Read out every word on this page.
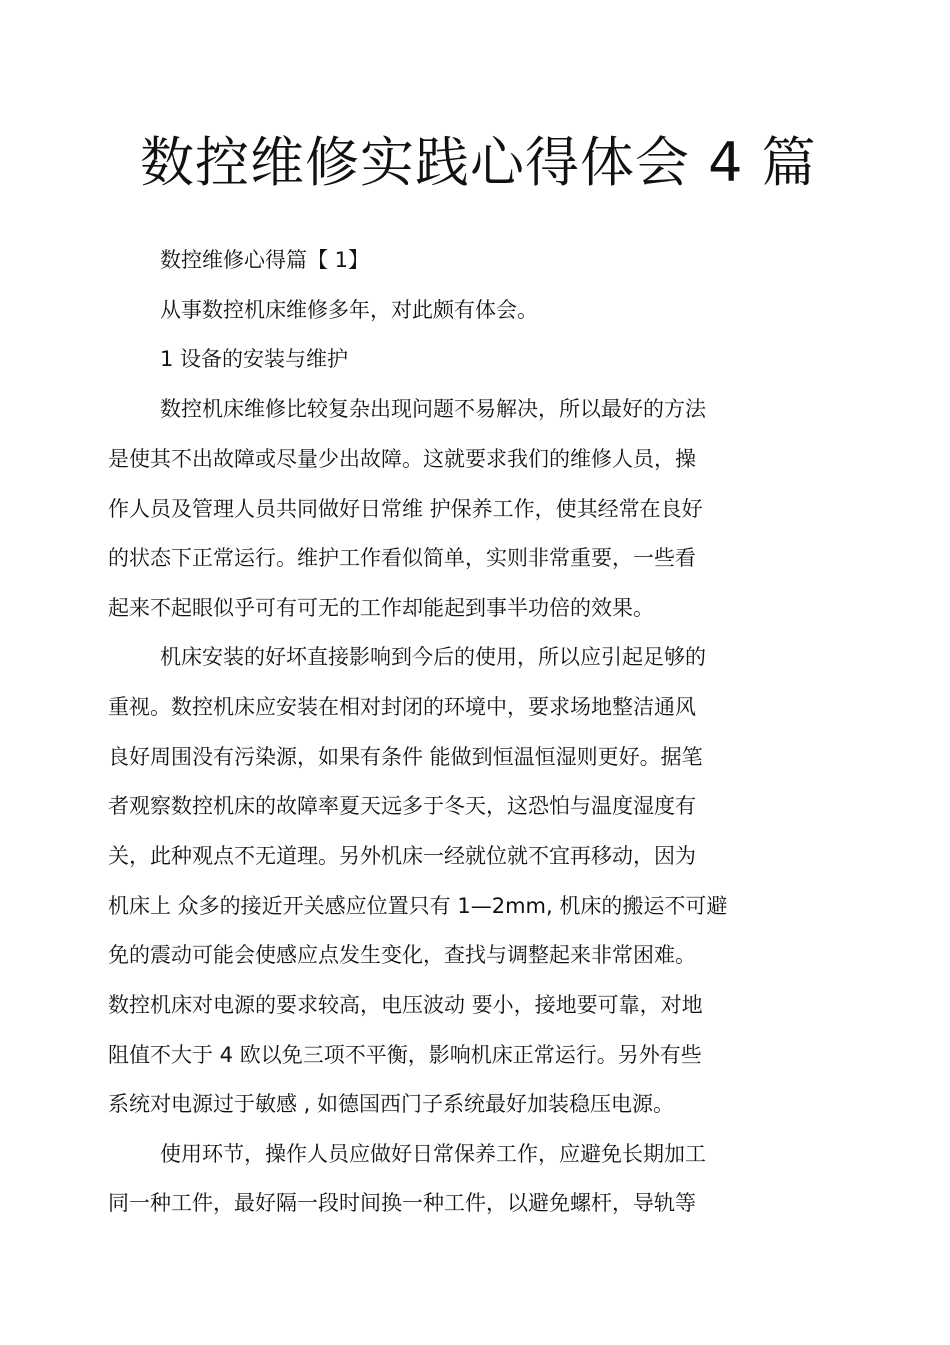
数控维修实践心得体会 4 篇
数控维修心得篇【 1】
从事数控机床维修多年，对此颇有体会。
1 设备的安装与维护
数控机床维修比较复杂出现问题不易解决，所以最好的方法
是使其不出故障或尽量少出故障。这就要求我们的维修人员，操
作人员及管理人员共同做好日常维 护保养工作，使其经常在良好
的状态下正常运行。维护工作看似简单，实则非常重要，一些看
起来不起眼似乎可有可无的工作却能起到事半功倍的效果。
机床安装的好坏直接影响到今后的使用，所以应引起足够的
重视。数控机床应安装在相对封闭的环境中，要求场地整洁通风
良好周围没有污染源，如果有条件 能做到恒温恒湿则更好。据笔
者观察数控机床的故障率夏天远多于冬天，这恐怕与温度湿度有
关，此种观点不无道理。另外机床一经就位就不宜再移动，因为
机床上 众多的接近开关感应位置只有 1—2mm, 机床的搬运不可避
免的震动可能会使感应点发生变化，查找与调整起来非常困难。
数控机床对电源的要求较高，电压波动 要小，接地要可靠，对地
阻值不大于 4 欧以免三项不平衡，影响机床正常运行。另外有些
系统对电源过于敏感 , 如德国西门子系统最好加装稳压电源。
使用环节，操作人员应做好日常保养工作，应避免长期加工
同一种工件，最好隔一段时间换一种工件，以避免螺杆，导轨等
